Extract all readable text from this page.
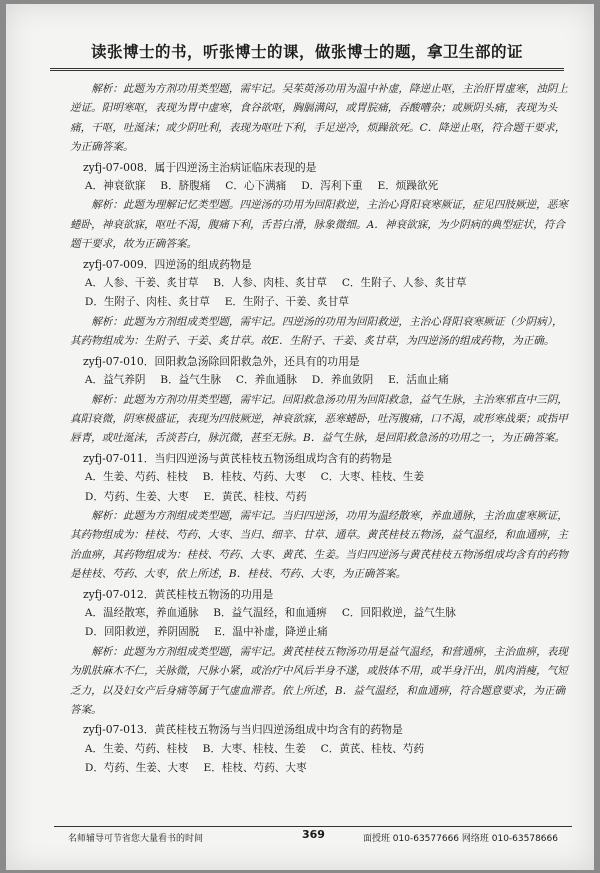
读张博士的书，听张博士的课，做张博士的题，拿卫生部的证

解析：此题为方剂功用类型题，需牢记。吴茱萸汤功用为温中补虚，降逆止呕，主治肝胃虚寒，浊阴上逆证。阳明寒呕，表现为胃中虚寒，食谷欲呕，胸膈满闷，或胃脘痛，吞酸嘈杂；或厥阴头痛，表现为头痛，干呕，吐涎沫；或少阴吐利，表现为呕吐下利，手足逆冷，烦躁欲死。C．降逆止呕，符合题干要求，为正确答案。

zyfj-07-008．属于四逆汤主治病证临床表现的是

A．神衰欲寐 B．脐腹痛 C．心下满痛 D．泻利下重 E．烦躁欲死

解析：此题为理解记忆类型题。四逆汤的功用为回阳救逆，主治心肾阳衰寒厥证，症见四肢厥逆，恶寒蜷卧，神衰欲寐，呕吐不渴，腹痛下利，舌苔白滑，脉象微细。A．神衰欲寐，为少阴病的典型症状，符合题干要求，故为正确答案。

zyfj-07-009．四逆汤的组成药物是

A．人参、干姜、炙甘草 B．人参、肉桂、炙甘草 C．生附子、人参、炙甘草

D．生附子、肉桂、炙甘草 E．生附子、干姜、炙甘草

解析：此题为方剂组成类型题，需牢记。四逆汤的功用为回阳救逆，主治心肾阳衰寒厥证（少阴病），其药物组成为：生附子、干姜、炙甘草。故E．生附子、干姜、炙甘草，为四逆汤的组成药物，为正确。

zyfj-07-010．回阳救急汤除回阳救急外，还具有的功用是

A．益气养阴 B．益气生脉 C．养血通脉 D．养血敛阴 E．活血止痛

解析：此题为方剂功用类型题，需牢记。回阳救急汤功用为回阳救急，益气生脉，主治寒邪直中三阴，真阳衰微，阴寒极盛证，表现为四肢厥逆，神衰欲寐，恶寒蜷卧，吐泻腹痛，口不渴，或形寒战栗；或指甲唇青，或吐涎沫，舌淡苔白，脉沉微，甚至无脉。B．益气生脉，是回阳救急汤的功用之一，为正确答案。

zyfj-07-011．当归四逆汤与黄芪桂枝五物汤组成均含有的药物是

A．生姜、芍药、桂枝 B．桂枝、芍药、大枣 C．大枣、桂枝、生姜

D．芍药、生姜、大枣 E．黄芪、桂枝、芍药

解析：此题为方剂组成类型题，需牢记。当归四逆汤，功用为温经散寒，养血通脉，主治血虚寒厥证，其药物组成为：桂枝、芍药、大枣、当归、细辛、甘草、通草。黄芪桂枝五物汤，益气温经，和血通痹，主治血痹，其药物组成为：桂枝、芍药、大枣、黄芪、生姜。当归四逆汤与黄芪桂枝五物汤组成均含有的药物是桂枝、芍药、大枣，依上所述，B．桂枝、芍药、大枣，为正确答案。

zyfj-07-012．黄芪桂枝五物汤的功用是

A．温经散寒，养血通脉 B．益气温经，和血通痹 C．回阳救逆，益气生脉

D．回阳救逆，养阴固脱 E．温中补虚，降逆止痛

解析：此题为方剂组成类型题，需牢记。黄芪桂枝五物汤功用是益气温经，和营通痹，主治血痹，表现为肌肤麻木不仁，关脉微，尺脉小紧，或治疗中风后半身不遂，或肢体不用，或半身汗出，肌肉消瘦，气短乏力，以及妇女产后身痛等属于气虚血滞者。依上所述，B．益气温经，和血通痹，符合题意要求，为正确答案。

zyfj-07-013．黄芪桂枝五物汤与当归四逆汤组成中均含有的药物是

A．生姜、芍药、桂枝 B．大枣、桂枝、生姜 C．黄芪、桂枝、芍药

D．芍药、生姜、大枣 E．桂枝、芍药、大枣

名师辅导可节省您大量看书的时间	369	面授班 010-63577666 网络班 010-63578666
